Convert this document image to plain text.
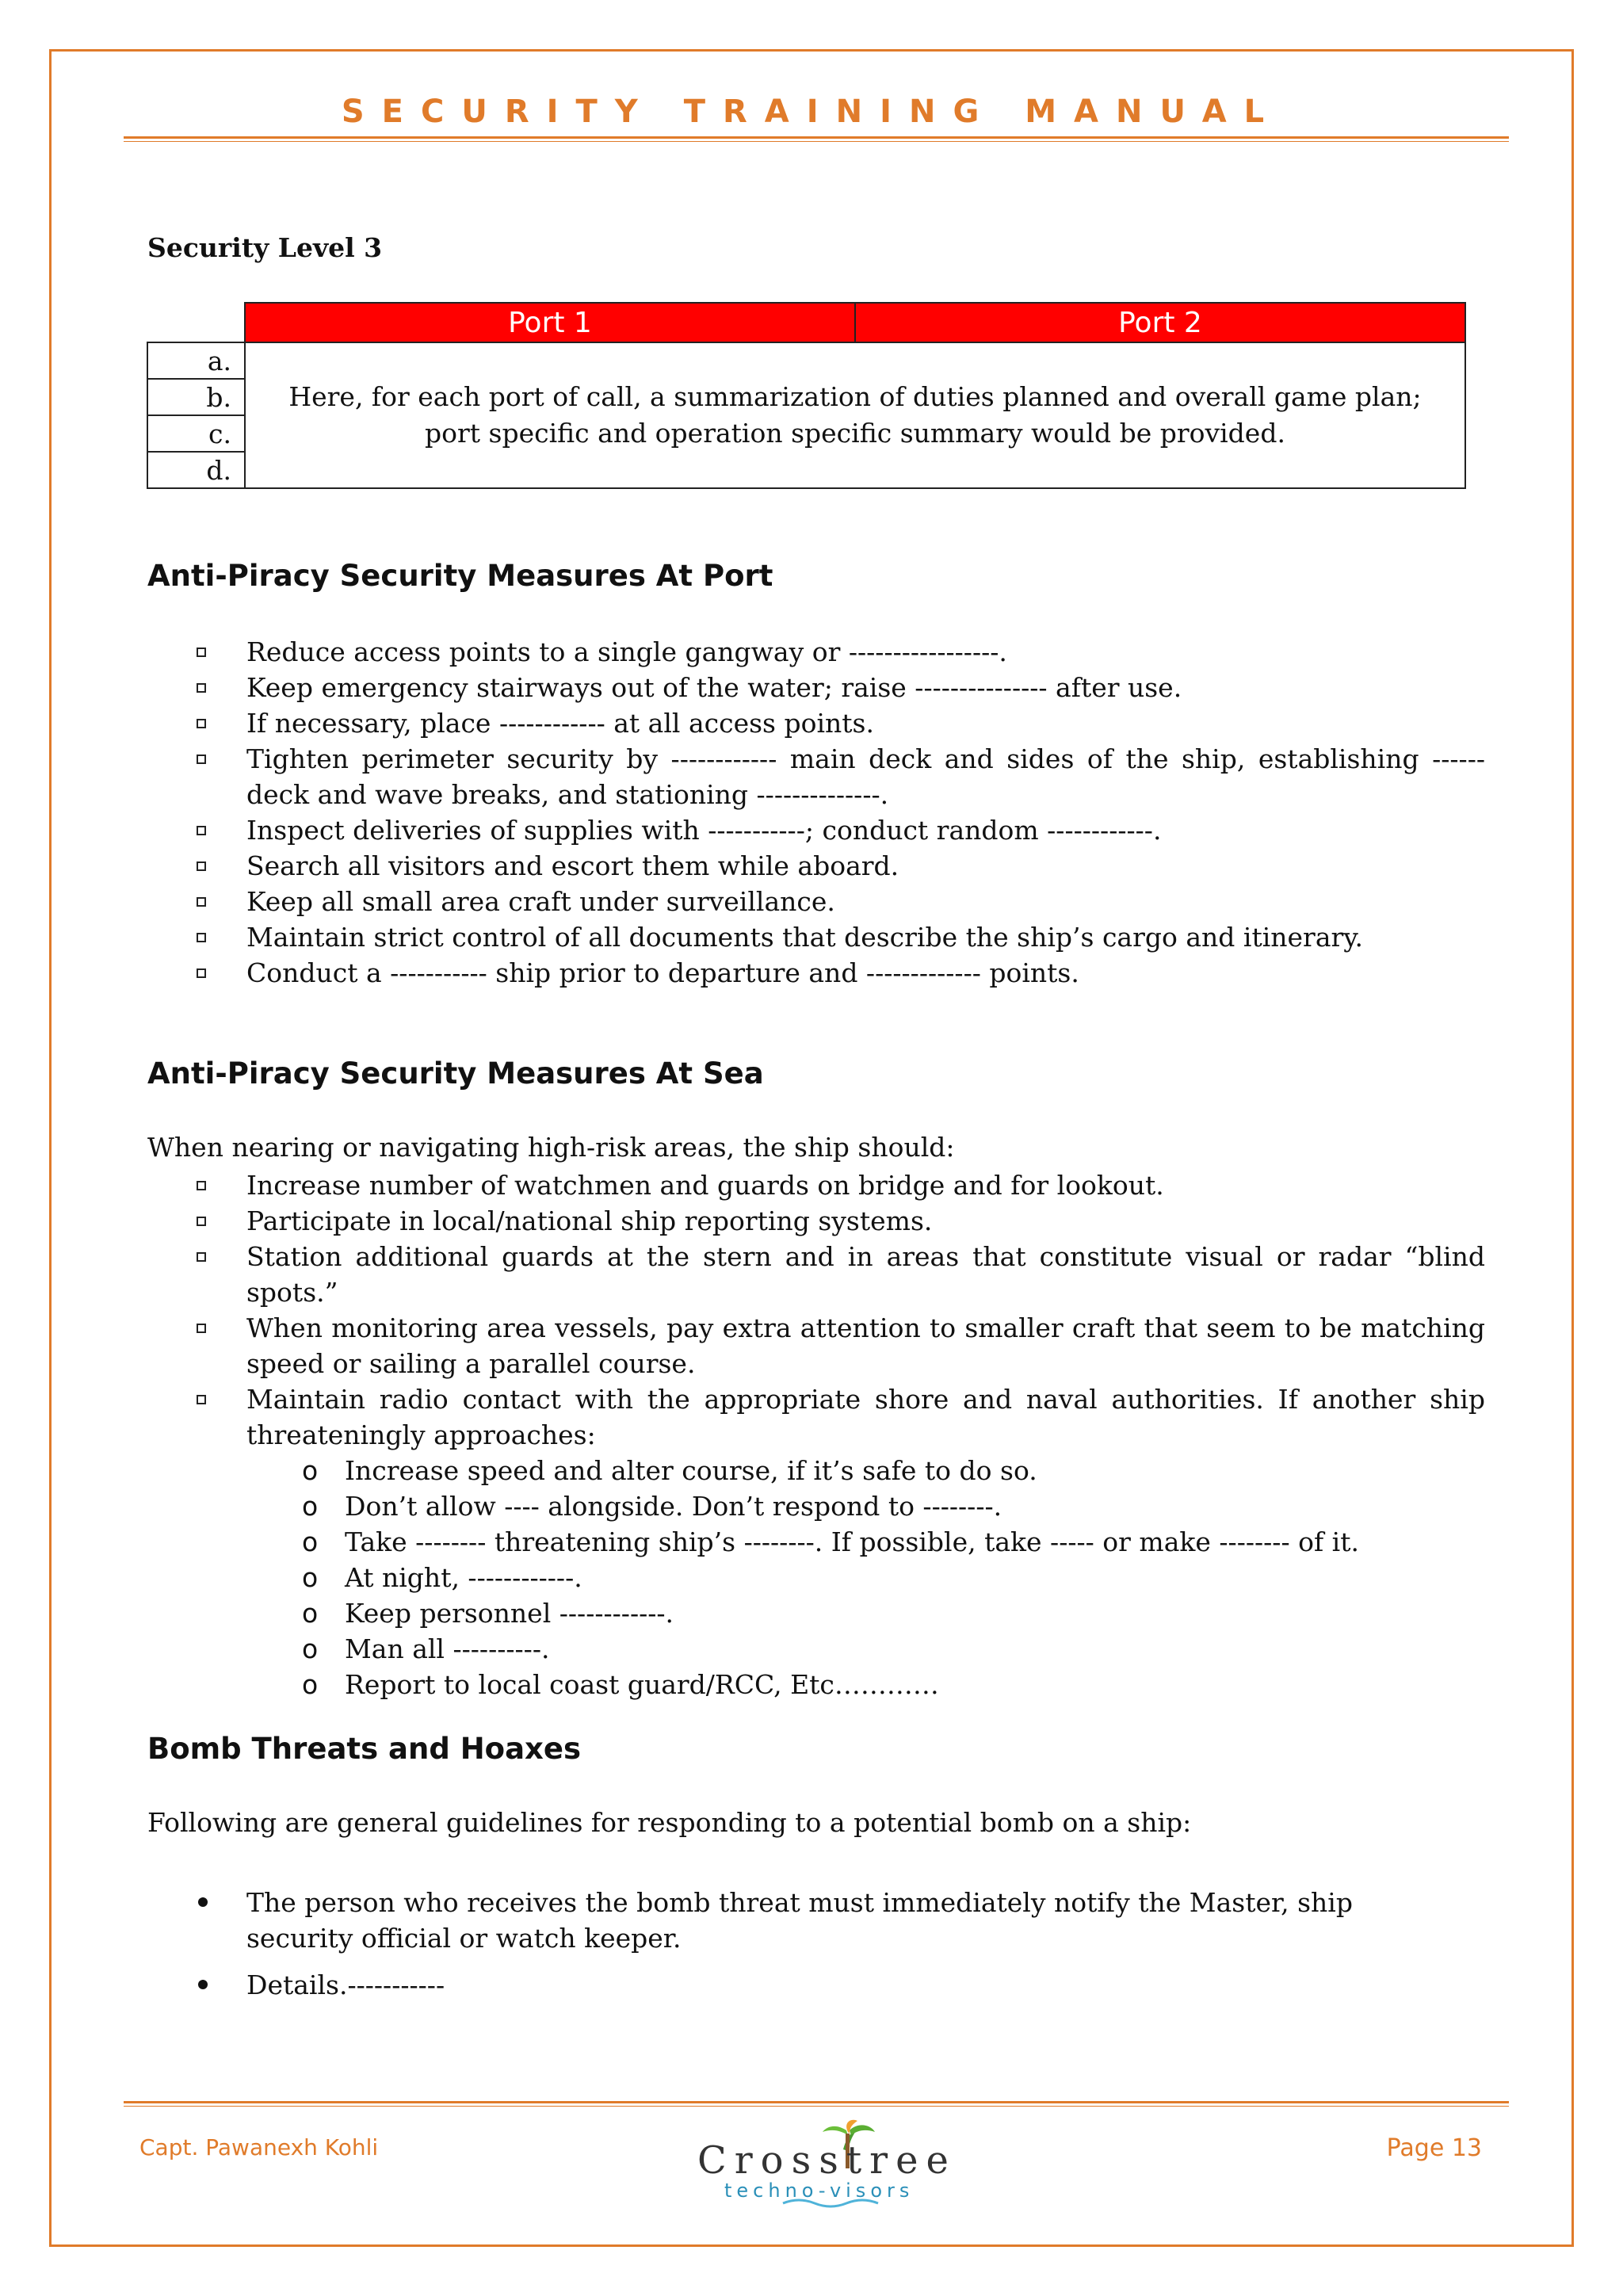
SECURITY TRAINING MANUAL
Security Level 3
	Port 1	Port 2
a.	Here, for each port of call, a summarization of duties planned and overall game plan; port specific and operation specific summary would be provided.	
b.		
c.		
d.		
Anti-Piracy Security Measures At Port
Reduce access points to a single gangway or -----------------.
Keep emergency stairways out of the water; raise --------------- after use.
If necessary, place ------------ at all access points.
Tighten perimeter security by ------------ main deck and sides of the ship, establishing ------ deck and wave breaks, and stationing --------------.
Inspect deliveries of supplies with -----------; conduct random ------------.
Search all visitors and escort them while aboard.
Keep all small area craft under surveillance.
Maintain strict control of all documents that describe the ship’s cargo and itinerary.
Conduct a ----------- ship prior to departure and ------------- points.
Anti-Piracy Security Measures At Sea
When nearing or navigating high-risk areas, the ship should:
Increase number of watchmen and guards on bridge and for lookout.
Participate in local/national ship reporting systems.
Station additional guards at the stern and in areas that constitute visual or radar “blind spots.”
When monitoring area vessels, pay extra attention to smaller craft that seem to be matching speed or sailing a parallel course.
Maintain radio contact with the appropriate shore and naval authorities. If another ship threateningly approaches:
o Increase speed and alter course, if it’s safe to do so.
o Don’t allow ---- alongside. Don’t respond to --------.
o Take -------- threatening ship’s --------. If possible, take ----- or make -------- of it.
o At night, ------------.
o Keep personnel ------------.
o Man all ----------.
o Report to local coast guard/RCC, Etc…………
Bomb Threats and Hoaxes
Following are general guidelines for responding to a potential bomb on a ship:
The person who receives the bomb threat must immediately notify the Master, ship security official or watch keeper.
Details.-----------
Capt. Pawanexh Kohli	Page 13
Crosstree
techno-visors
